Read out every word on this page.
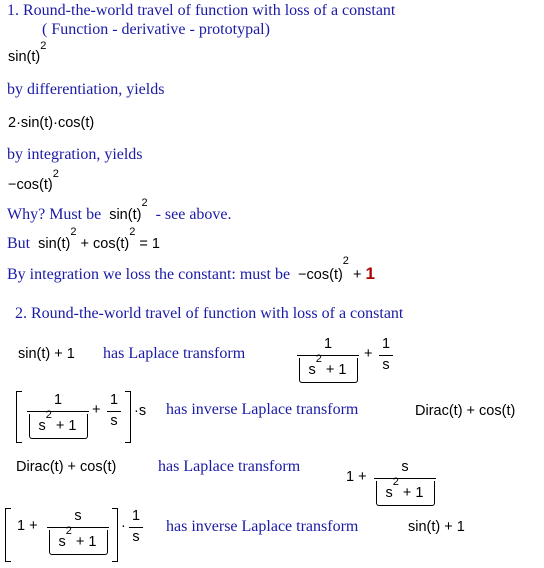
1. Round-the-world travel of function with loss of a constant
( Function - derivative - prototypal)
$\sin(t)^2$
by differentiation, yields
2·sin(t)·cos(t)
by integration, yields
$-\cos(t)^2$
Why? Must be $\sin(t)^2$ - see above.
But $\sin(t)^2 + \cos(t)^2 = 1$
By integration we loss the constant: must be $-\cos(t)^2 + 1$
2. Round-the-world travel of function with loss of a constant
sin(t) + 1 has Laplace transform
1
$s^2 + 1$
+
1
s
1
$s^2 + 1$
+
1
s
·s has inverse Laplace transform	Dirac(t) + cos(t)
Dirac(t) + cos(t)	has Laplace transform
1 +
s
$s^2 + 1$
1 +
s
$s^2 + 1$
·
1
s
has inverse Laplace transform	sin(t) + 1
